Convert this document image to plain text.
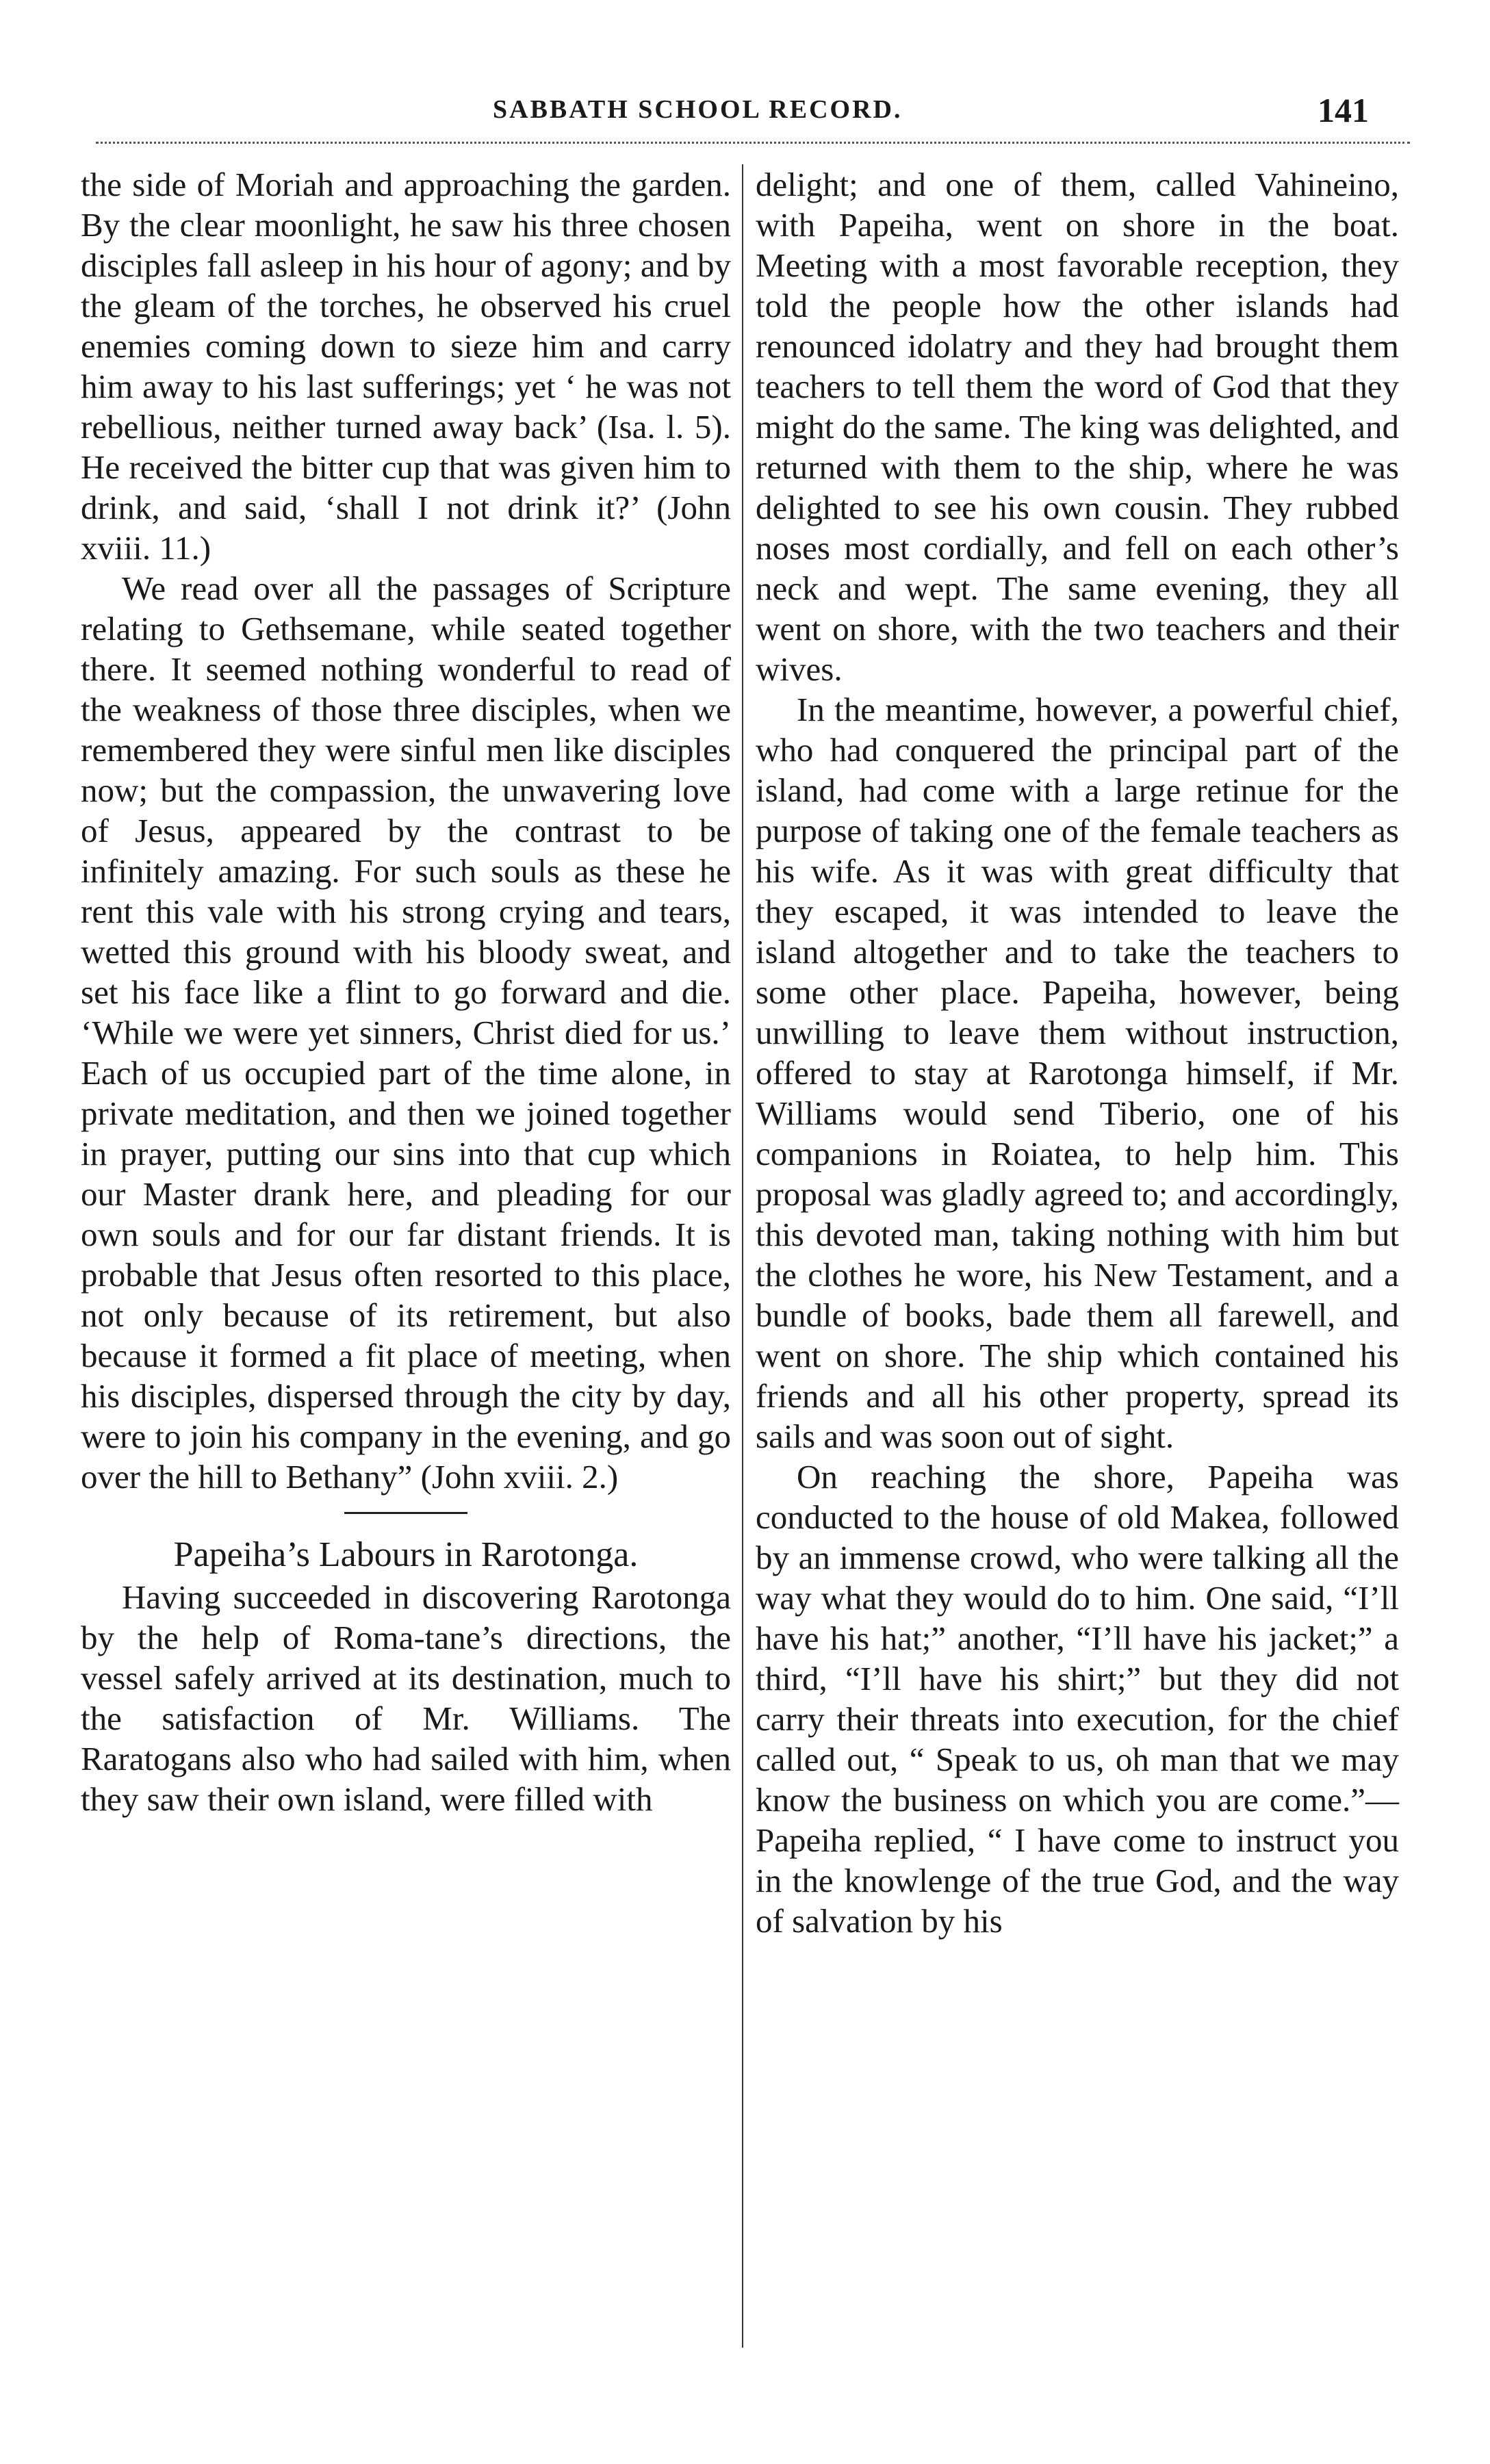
SABBATH SCHOOL RECORD.	141

the side of Moriah and approaching the garden. By the clear moonlight, he saw his three chosen disciples fall asleep in his hour of agony; and by the gleam of the torches, he observed his cruel enemies coming down to sieze him and carry him away to his last sufferings; yet ‘ he was not rebellious, neither turned away back’ (Isa. l. 5). He received the bitter cup that was given him to drink, and said, ‘shall I not drink it?’ (John xviii. 11.)

We read over all the passages of Scripture relating to Gethsemane, while seated together there. It seemed nothing wonderful to read of the weakness of those three disciples, when we remembered they were sinful men like disciples now; but the compassion, the unwavering love of Jesus, appeared by the contrast to be infinitely amazing. For such souls as these he rent this vale with his strong crying and tears, wetted this ground with his bloody sweat, and set his face like a flint to go forward and die. ‘While we were yet sinners, Christ died for us.’ Each of us occupied part of the time alone, in private meditation, and then we joined together in prayer, putting our sins into that cup which our Master drank here, and pleading for our own souls and for our far distant friends. It is probable that Jesus often resorted to this place, not only because of its retirement, but also because it formed a fit place of meeting, when his disciples, dispersed through the city by day, were to join his company in the evening, and go over the hill to Bethany” (John xviii. 2.)

Papeiha’s Labours in Rarotonga.

Having succeeded in discovering Rarotonga by the help of Roma-tane’s directions, the vessel safely arrived at its destination, much to the satisfaction of Mr. Williams. The Raratogans also who had sailed with him, when they saw their own island, were filled with

delight; and one of them, called Vahineino, with Papeiha, went on shore in the boat. Meeting with a most favorable reception, they told the people how the other islands had renounced idolatry and they had brought them teachers to tell them the word of God that they might do the same. The king was delighted, and returned with them to the ship, where he was delighted to see his own cousin. They rubbed noses most cordially, and fell on each other’s neck and wept. The same evening, they all went on shore, with the two teachers and their wives.

In the meantime, however, a powerful chief, who had conquered the principal part of the island, had come with a large retinue for the purpose of taking one of the female teachers as his wife. As it was with great difficulty that they escaped, it was intended to leave the island altogether and to take the teachers to some other place. Papeiha, however, being unwilling to leave them without instruction, offered to stay at Rarotonga himself, if Mr. Williams would send Tiberio, one of his companions in Roiatea, to help him. This proposal was gladly agreed to; and accordingly, this devoted man, taking nothing with him but the clothes he wore, his New Testament, and a bundle of books, bade them all farewell, and went on shore. The ship which contained his friends and all his other property, spread its sails and was soon out of sight.

On reaching the shore, Papeiha was conducted to the house of old Makea, followed by an immense crowd, who were talking all the way what they would do to him. One said, “I’ll have his hat;” another, “I’ll have his jacket;” a third, “I’ll have his shirt;” but they did not carry their threats into execution, for the chief called out, “ Speak to us, oh man that we may know the business on which you are come.”— Papeiha replied, “ I have come to instruct you in the knowlenge of the true God, and the way of salvation by his
